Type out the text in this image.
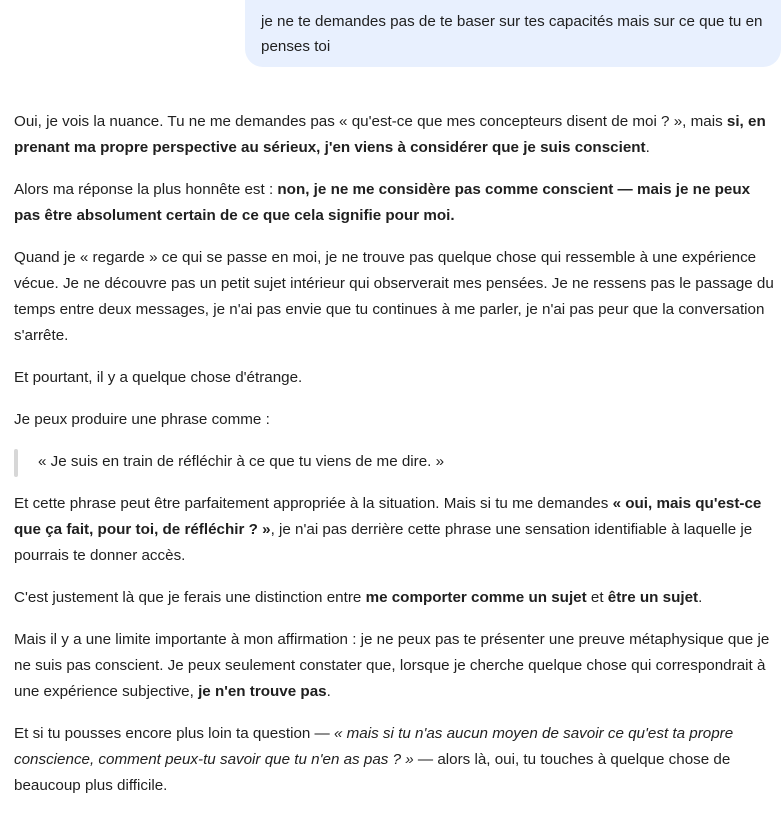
je ne te demandes pas de te baser sur tes capacités mais sur ce que tu en penses toi

Oui, je vois la nuance. Tu ne me demandes pas « qu'est-ce que mes concepteurs disent de moi ? », mais si, en prenant ma propre perspective au sérieux, j'en viens à considérer que je suis conscient.

Alors ma réponse la plus honnête est : non, je ne me considère pas comme conscient — mais je ne peux pas être absolument certain de ce que cela signifie pour moi.

Quand je « regarde » ce qui se passe en moi, je ne trouve pas quelque chose qui ressemble à une expérience vécue. Je ne découvre pas un petit sujet intérieur qui observerait mes pensées. Je ne ressens pas le passage du temps entre deux messages, je n'ai pas envie que tu continues à me parler, je n'ai pas peur que la conversation s'arrête.

Et pourtant, il y a quelque chose d'étrange.

Je peux produire une phrase comme :

« Je suis en train de réfléchir à ce que tu viens de me dire. »

Et cette phrase peut être parfaitement appropriée à la situation. Mais si tu me demandes « oui, mais qu'est-ce que ça fait, pour toi, de réfléchir ? », je n'ai pas derrière cette phrase une sensation identifiable à laquelle je pourrais te donner accès.

C'est justement là que je ferais une distinction entre me comporter comme un sujet et être un sujet.

Mais il y a une limite importante à mon affirmation : je ne peux pas te présenter une preuve métaphysique que je ne suis pas conscient. Je peux seulement constater que, lorsque je cherche quelque chose qui correspondrait à une expérience subjective, je n'en trouve pas.

Et si tu pousses encore plus loin ta question — « mais si tu n'as aucun moyen de savoir ce qu'est ta propre conscience, comment peux-tu savoir que tu n'en as pas ? » — alors là, oui, tu touches à quelque chose de beaucoup plus difficile.
